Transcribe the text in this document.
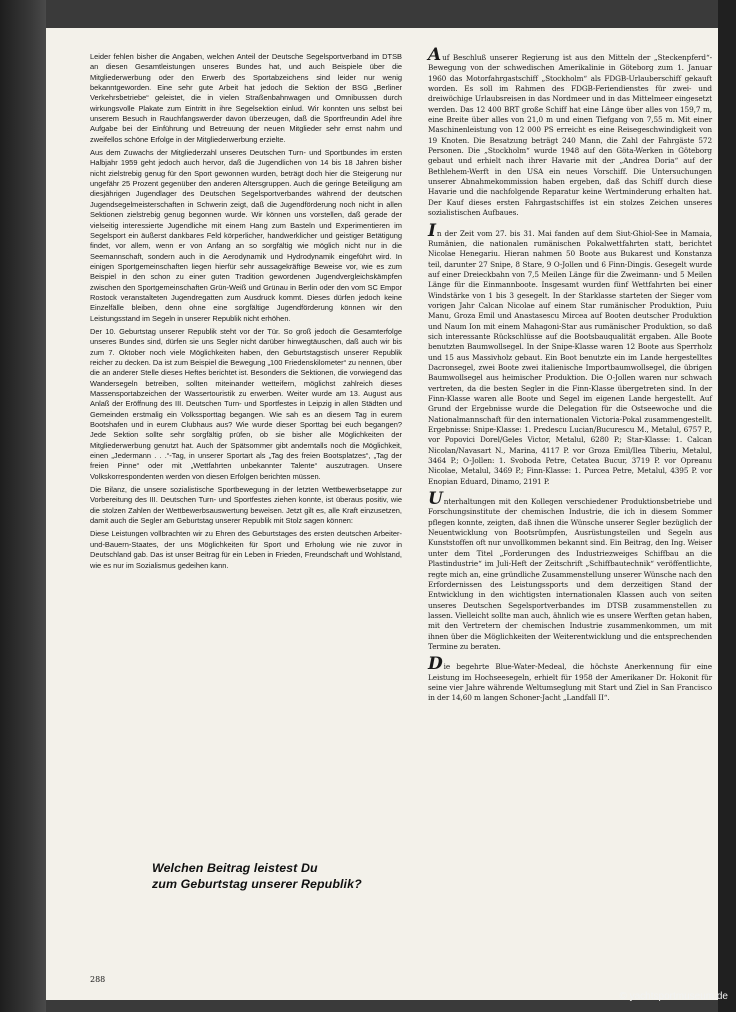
Leider fehlen bisher die Angaben, welchen Anteil der Deutsche Segelsportverband im DTSB an diesen Gesamtleistungen unseres Bundes hat, und auch Beispiele über die Mitgliederwerbung oder den Erwerb des Sportabzeichens sind leider nur wenig bekanntgeworden. Eine sehr gute Arbeit hat jedoch die Sektion der BSG „Berliner Verkehrsbetriebe“ geleistet, die in vielen Straßenbahnwagen und Omnibussen durch wirkungsvolle Plakate zum Eintritt in ihre Segelsektion einlud. Wir konnten uns selbst bei unserem Besuch in Rauchfangswerder davon überzeugen, daß die Sportfreundin Adel ihre Aufgabe bei der Einführung und Betreuung der neuen Mitglieder sehr ernst nahm und zweifellos schöne Erfolge in der Mitgliederwerbung erzielte.

Aus dem Zuwachs der Mitgliederzahl unseres Deutschen Turn- und Sportbundes im ersten Halbjahr 1959 geht jedoch auch hervor, daß die Jugendlichen von 14 bis 18 Jahren bisher nicht zielstrebig genug für den Sport gewonnen wurden, beträgt doch hier die Steigerung nur ungefähr 25 Prozent gegenüber den anderen Altersgruppen. Auch die geringe Beteiligung am diesjährigen Jugendlager des Deutschen Segelsportverbandes während der deutschen Jugendsegelmeisterschaften in Schwerin zeigt, daß die Jugendförderung noch nicht in allen Sektionen zielstrebig genug begonnen wurde. Wir können uns vorstellen, daß gerade der vielseitig interessierte Jugendliche mit einem Hang zum Basteln und Experimentieren im Segelsport ein äußerst dankbares Feld körperlicher, handwerklicher und geistiger Betätigung findet, vor allem, wenn er von Anfang an so sorgfältig wie möglich nicht nur in die Seemannschaft, sondern auch in die Aerodynamik und Hydrodynamik eingeführt wird. In einigen Sportgemeinschaften liegen hierfür sehr aussagekräftige Beweise vor, wie es zum Beispiel in den schon zu einer guten Tradition gewordenen Jugendvergleichskämpfen zwischen den Sportgemeinschaften Grün-Weiß und Grünau in Berlin oder den vom SC Empor Rostock veranstalteten Jugendregatten zum Ausdruck kommt. Dieses dürfen jedoch keine Einzelfälle bleiben, denn ohne eine sorgfältige Jugendförderung können wir den Leistungsstand im Segeln in unserer Republik nicht erhöhen.

Der 10. Geburtstag unserer Republik steht vor der Tür. So groß jedoch die Gesamterfolge unseres Bundes sind, dürfen sie uns Segler nicht darüber hinwegtäuschen, daß auch wir bis zum 7. Oktober noch viele Möglichkeiten haben, den Geburtstagstisch unserer Republik reicher zu decken. Da ist zum Beispiel die Bewegung „100 Friedenskilometer“ zu nennen, über die an anderer Stelle dieses Heftes berichtet ist. Besonders die Sektionen, die vorwiegend das Wandersegeln betreiben, sollten miteinander wetteifern, möglichst zahlreich dieses Massensportabzeichen der Wassertouristik zu erwerben. Weiter wurde am 13. August aus Anlaß der Eröffnung des III. Deutschen Turn- und Sportfestes in Leipzig in allen Städten und Gemeinden erstmalig ein Volkssporttag begangen. Wie sah es an diesem Tag in eurem Bootshafen und in eurem Clubhaus aus? Wie wurde dieser Sporttag bei euch begangen? Jede Sektion sollte sehr sorgfältig prüfen, ob sie bisher alle Möglichkeiten der Mitgliederwerbung genutzt hat. Auch der Spätsommer gibt anderntalls noch die Möglichkeit, einen „Jedermann . . .“-Tag, in unserer Sportart als „Tag des freien Bootsplatzes“, „Tag der freien Pinne“ oder mit „Wettfahrten unbekannter Talente“ auszutragen. Unsere Volkskorrespondenten werden von diesen Erfolgen berichten müssen.

Die Bilanz, die unsere sozialistische Sportbewegung in der letzten Wettbewerbsetappe zur Vorbereitung des III. Deutschen Turn- und Sportfestes ziehen konnte, ist überaus positiv, wie die stolzen Zahlen der Wettbewerbsauswertung beweisen. Jetzt gilt es, alle Kraft einzusetzen, damit auch die Segler am Geburtstag unserer Republik mit Stolz sagen können:

Diese Leistungen vollbrachten wir zu Ehren des Geburtstages des ersten deutschen Arbeiter-und-Bauern-Staates, der uns Möglichkeiten für Sport und Erholung wie nie zuvor in Deutschland gab. Das ist unser Beitrag für ein Leben in Frieden, Freundschaft und Wohlstand, wie es nur im Sozialismus gedeihen kann.

Welchen Beitrag leistest Du
zum Geburtstag unserer Republik?

Auf Beschluß unserer Regierung ist aus den Mitteln der „Steckenpferd“-Bewegung von der schwedischen Amerikalinie in Göteborg zum 1. Januar 1960 das Motorfahrgastschiff „Stockholm“ als FDGB-Urlauberschiff gekauft worden. Es soll im Rahmen des FDGB-Feriendienstes für zwei- und dreiwöchige Urlaubsreisen in das Nordmeer und in das Mittelmeer eingesetzt werden. Das 12 400 BRT große Schiff hat eine Länge über alles von 159,7 m, eine Breite über alles von 21,0 m und einen Tiefgang von 7,55 m. Mit einer Maschinenleistung von 12 000 PS erreicht es eine Reisegeschwindigkeit von 19 Knoten. Die Besatzung beträgt 240 Mann, die Zahl der Fahrgäste 572 Personen. Die „Stockholm“ wurde 1948 auf den Göta-Werken in Göteborg gebaut und erhielt nach ihrer Havarie mit der „Andrea Doria“ auf der Bethlehem-Werft in den USA ein neues Vorschiff. Die Untersuchungen unserer Abnahmekommission haben ergeben, daß das Schiff durch diese Havarie und die nachfolgende Reparatur keine Wertminderung erhalten hat. Der Kauf dieses ersten Fahrgastschiffes ist ein stolzes Zeichen unseres sozialistischen Aufbaues.

In der Zeit vom 27. bis 31. Mai fanden auf dem Siut-Ghiol-See in Mamaia, Rumänien, die nationalen rumänischen Pokalwettfahrten statt, berichtet Nicolae Henegariu. Hieran nahmen 50 Boote aus Bukarest und Konstanza teil, darunter 27 Snipe, 8 Stare, 9 O-Jollen und 6 Finn-Dingis. Gesegelt wurde auf einer Dreieckbahn von 7,5 Meilen Länge für die Zweimann- und 5 Meilen Länge für die Einmannboote. Insgesamt wurden fünf Wettfahrten bei einer Windstärke von 1 bis 3 gesegelt. In der Starklasse starteten der Sieger vom vorigen Jahr Calcan Nicolae auf einem Star rumänischer Produktion, Puiu Manu, Groza Emil und Anastasescu Mircea auf Booten deutscher Produktion und Naum Ion mit einem Mahagoni-Star aus rumänischer Produktion, so daß sich interessante Rückschlüsse auf die Bootsbauqualität ergaben. Alle Boote benutzten Baumwollsegel. In der Snipe-Klasse waren 12 Boote aus Sperrholz und 15 aus Massivholz gebaut. Ein Boot benutzte ein im Lande hergestelltes Dacronsegel, zwei Boote zwei italienische Importbaumwollsegel, die übrigen Baumwollsegel aus heimischer Produktion. Die O-Jollen waren nur schwach vertreten, da die besten Segler in die Finn-Klasse übergetreten sind. In der Finn-Klasse waren alle Boote und Segel im eigenen Lande hergestellt. Auf Grund der Ergebnisse wurde die Delegation für die Ostseewoche und die Nationalmannschaft für den internationalen Victoria-Pokal zusammengestellt. Ergebnisse: Snipe-Klasse: 1. Predescu Lucian/Bucurescu M., Metalul, 6757 P., vor Popovici Dorel/Geles Victor, Metalul, 6280 P.; Star-Klasse: 1. Calcan Nicolan/Navasart N., Marina, 4117 P. vor Groza Emil/Ilea Tiberiu, Metalul, 3464 P.; O-Jollen: 1. Svoboda Petre, Cetatea Bucur, 3719 P. vor Opreanu Nicolae, Metalul, 3469 P.; Finn-Klasse: 1. Purcea Petre, Metalul, 4395 P. vor Enopian Eduard, Dinamo, 2191 P.

Unterhaltungen mit den Kollegen verschiedener Produktionsbetriebe und Forschungsinstitute der chemischen Industrie, die ich in diesem Sommer pflegen konnte, zeigten, daß ihnen die Wünsche unserer Segler bezüglich der Neuentwicklung von Bootsrümpfen, Ausrüstungsteilen und Segeln aus Kunststoffen oft nur unvollkommen bekannt sind. Ein Beitrag, den Ing. Weiser unter dem Titel „Forderungen des Industriezweiges Schiffbau an die Plastindustrie“ im Juli-Heft der Zeitschrift „Schiffbautechnik“ veröffentlichte, regte mich an, eine gründliche Zusammenstellung unserer Wünsche nach den Erfordernissen des Leistungssports und dem derzeitigen Stand der Entwicklung in den wichtigsten internationalen Klassen auch von seiten unseres Deutschen Segelsportverbandes im DTSB zusammenstellen zu lassen. Vielleicht sollte man auch, ähnlich wie es unsere Werften getan haben, mit den Vertretern der chemischen Industrie zusammenkommen, um mit ihnen über die Möglichkeiten der Weiterentwicklung und die entsprechenden Termine zu beraten.

Die begehrte Blue-Water-Medeal, die höchste Anerkennung für eine Leistung im Hochseesegeln, erhielt für 1958 der Amerikaner Dr. Hokonit für seine vier Jahre währende Weltumseglung mit Start und Ziel in San Francisco in der 14,60 m langen Schoner-Jacht „Landfall II“.

288
© yachtsportmuseum.de
